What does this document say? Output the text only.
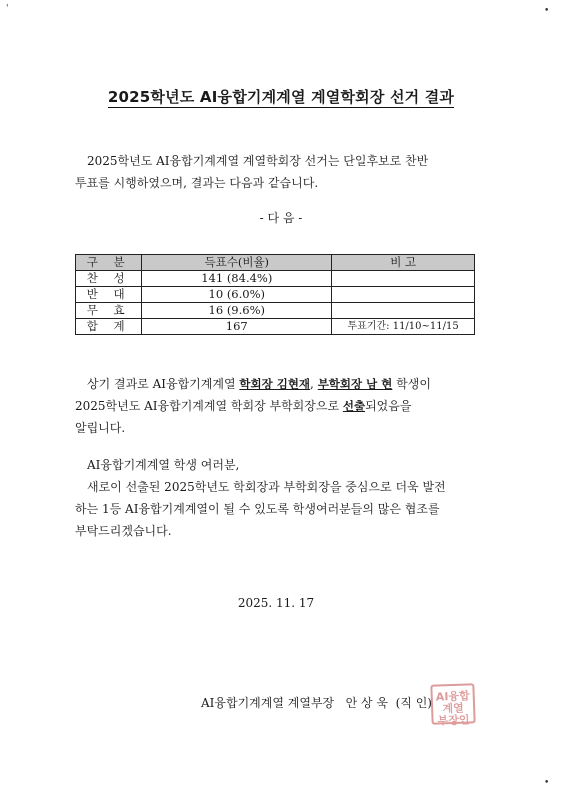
'	•
•
2025학년도 AI융합기계계열 계열학회장 선거 결과
2025학년도 AI융합기계계열 계열학회장 선거는 단일후보로 찬반
투표를 시행하였으며, 결과는 다음과 같습니다.
- 다 음 -
구 분	득표수(비율)	비 고
찬 성	141 (84.4%)	
반 대	10 (6.0%)	
무 효	16 (9.6%)	
합 계	167	투표기간: 11/10~11/15
상기 결과로 AI융합기계계열 학회장 김현재, 부학회장 남 현 학생이
2025학년도 AI융합기계계열 학회장 부학회장으로 선출되었음을
알립니다.
AI융합기계계열 학생 여러분,
새로이 선출된 2025학년도 학회장과 부학회장을 중심으로 더욱 발전
하는 1등 AI융합기계계열이 될 수 있도록 학생여러분들의 많은 협조를
부탁드리겠습니다.
2025. 11. 17
AI융합기계계열 계열부장   안 상 욱  (직 인) AI융합
계열
부장인
